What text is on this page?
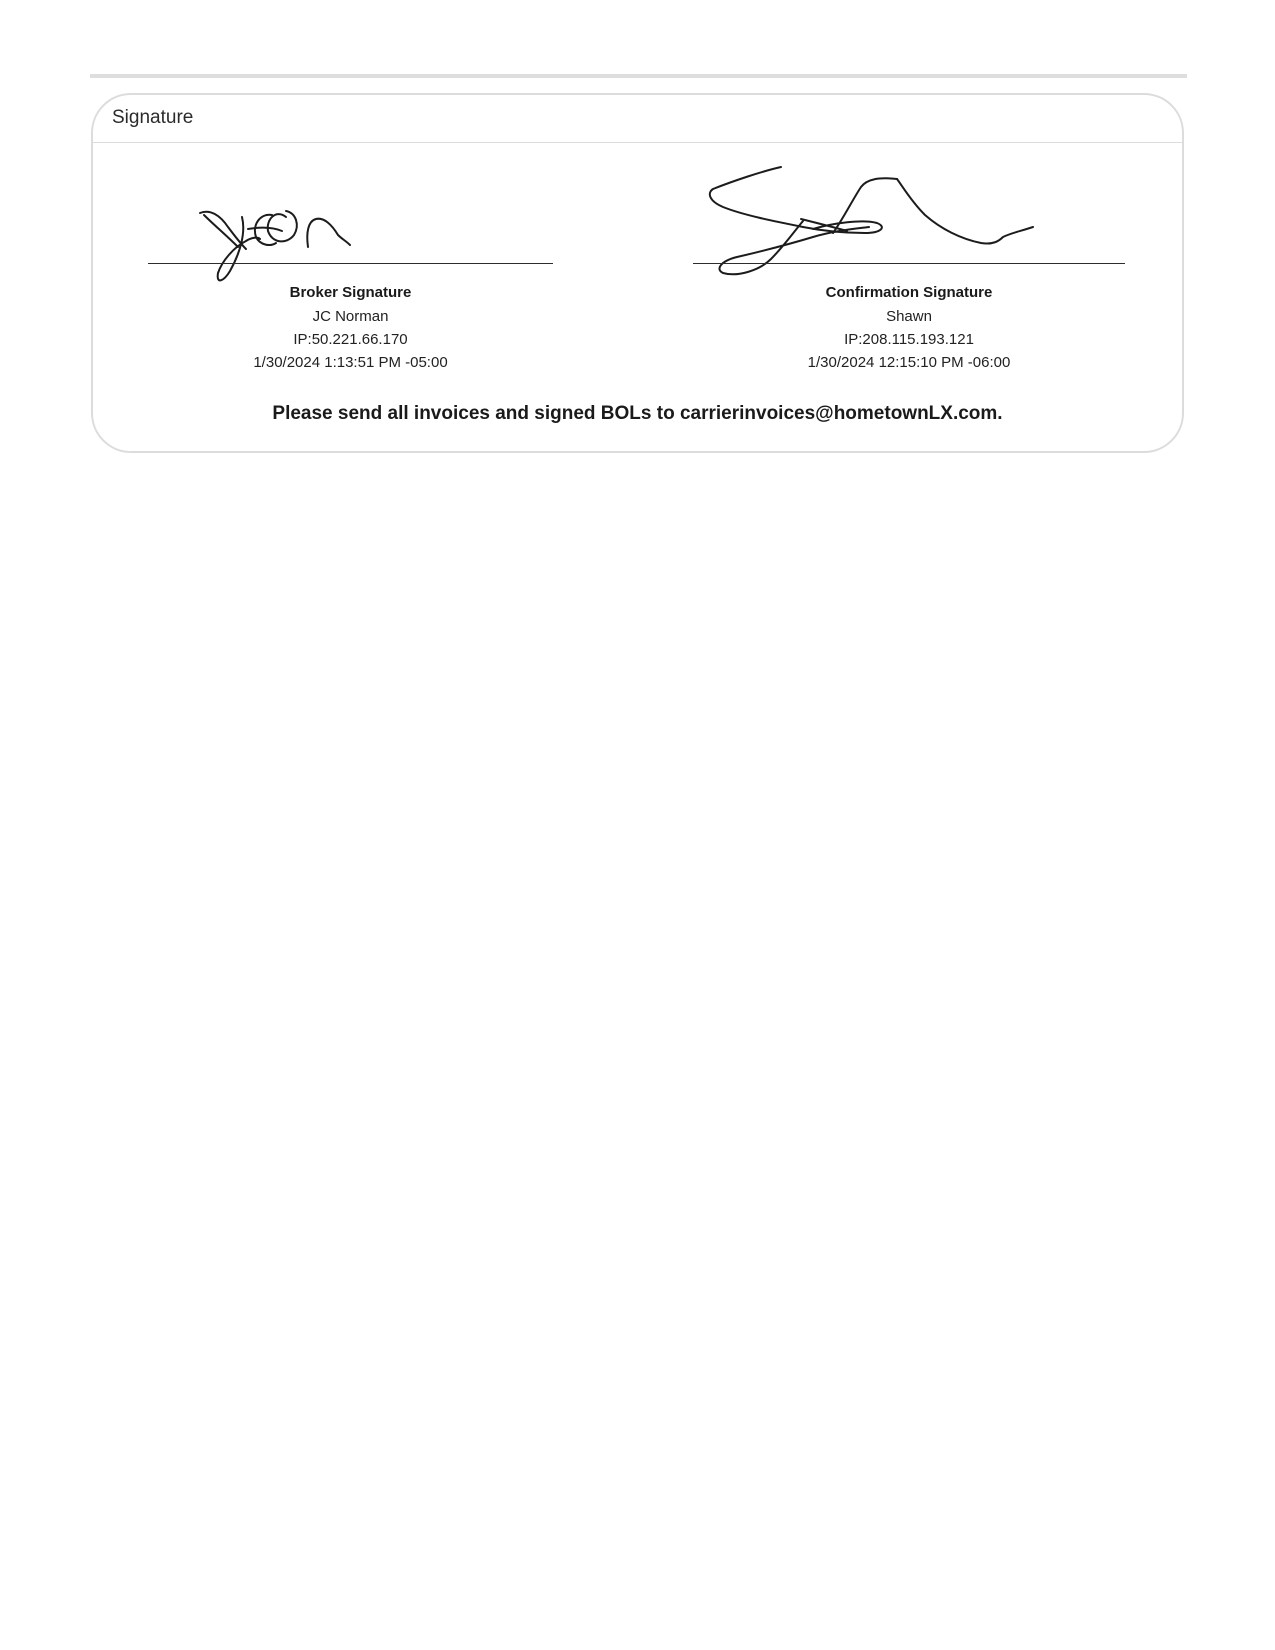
Signature
Broker Signature
JC Norman
IP:50.221.66.170
1/30/2024 1:13:51 PM -05:00
Confirmation Signature
Shawn
IP:208.115.193.121
1/30/2024 12:15:10 PM -06:00
Please send all invoices and signed BOLs to carrierinvoices@hometownLX.com.
